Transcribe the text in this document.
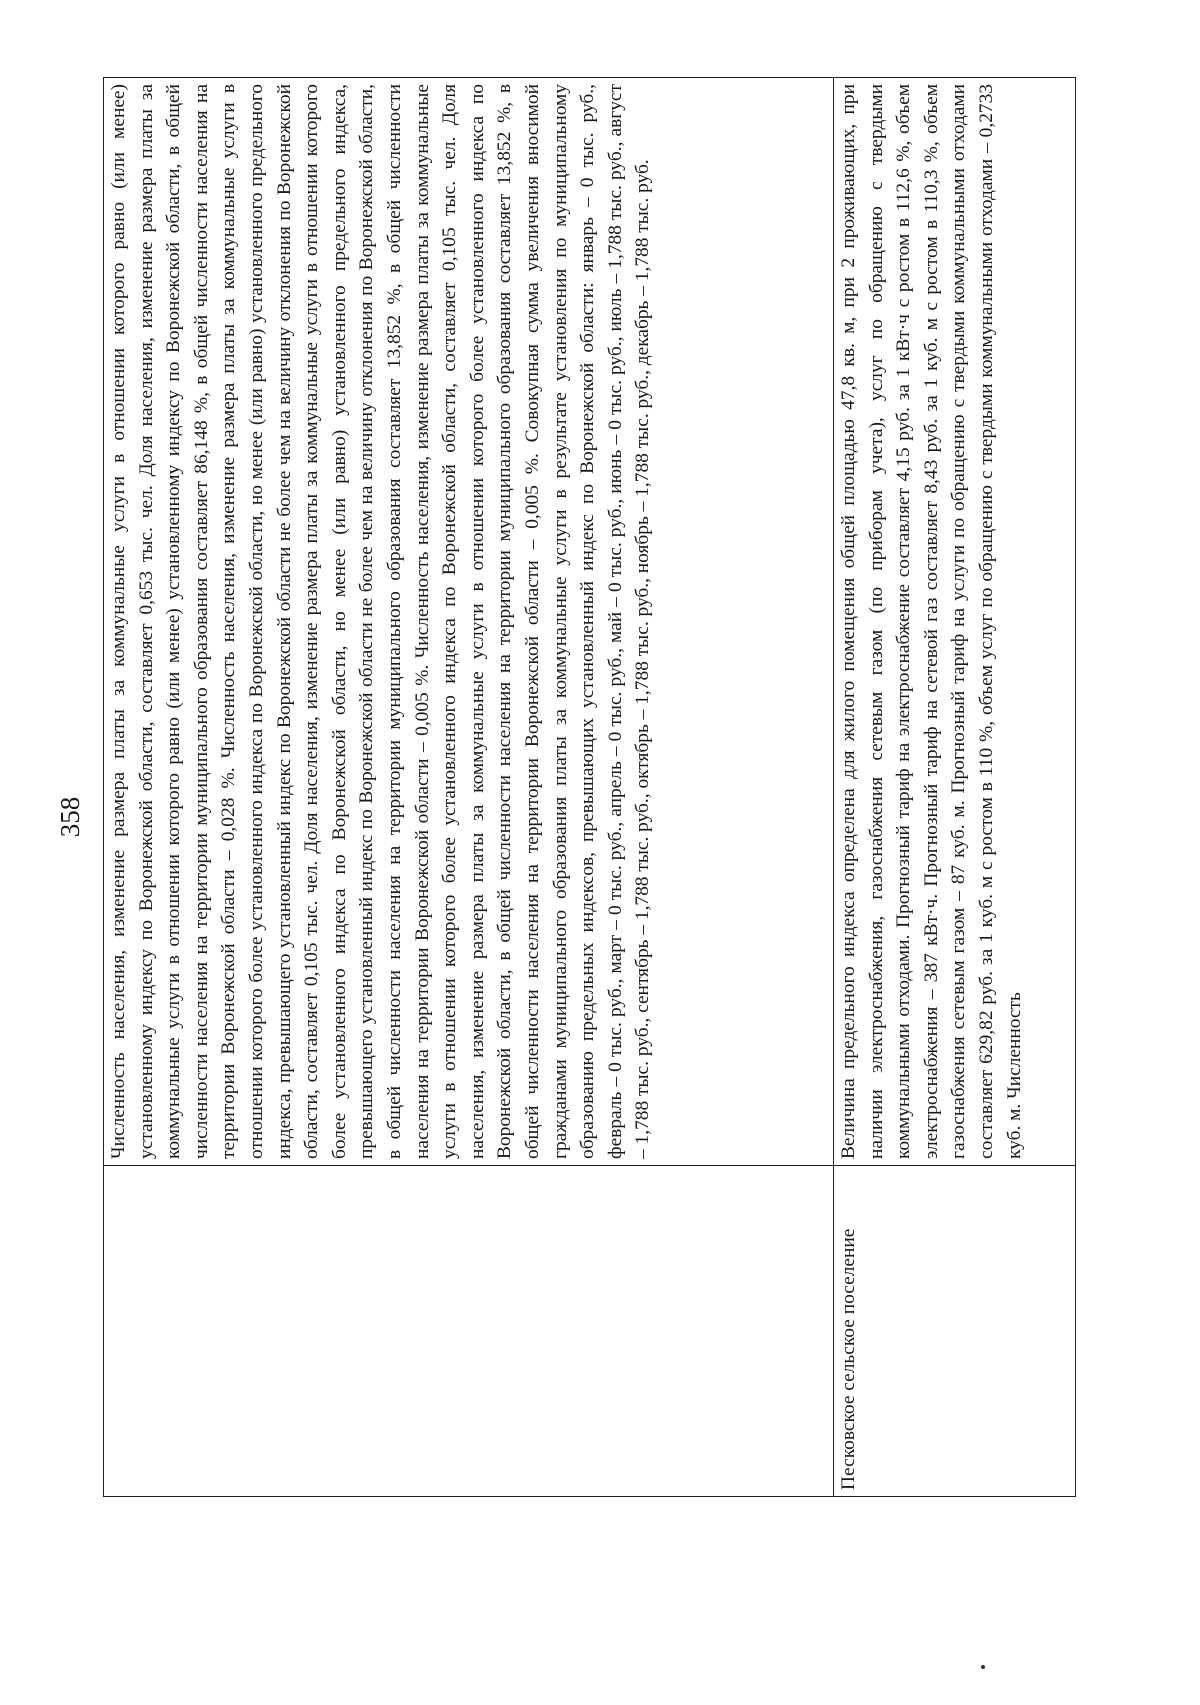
358

	Численность населения, изменение размера платы за коммунальные услуги в отношении которого равно (или менее) установленному индексу по Воронежской области, составляет 0,653 тыс. чел. Доля населения, изменение размера платы за коммунальные услуги в отношении которого равно (или менее) установленному индексу по Воронежской области, в общей численности населения на территории муниципального образования составляет 86,148 %, в общей численности населения на территории Воронежской области – 0,028 %. Численность населения, изменение размера платы за коммунальные услуги в отношении которого более установленного индекса по Воронежской области, но менее (или равно) установленного предельного индекса, превышающего установленный индекс по Воронежской области не более чем на величину отклонения по Воронежской области, составляет 0,105 тыс. чел. Доля населения, изменение размера платы за коммунальные услуги в отношении которого более установленного индекса по Воронежской области, но менее (или равно) установленного предельного индекса, превышающего установленный индекс по Воронежской области не более чем на величину отклонения по Воронежской области, в общей численности населения на территории муниципального образования составляет 13,852 %, в общей численности населения на территории Воронежской области – 0,005 %. Численность населения, изменение размера платы за коммунальные услуги в отношении которого более установленного индекса по Воронежской области, составляет 0,105 тыс. чел. Доля населения, изменение размера платы за коммунальные услуги в отношении которого более установленного индекса по Воронежской области, в общей численности населения на территории муниципального образования составляет 13,852 %, в общей численности населения на территории Воронежской области – 0,005 %. Совокупная сумма увеличения вносимой гражданами муниципального образования платы за коммунальные услуги в результате установления по муниципальному образованию предельных индексов, превышающих установленный индекс по Воронежской области: январь – 0 тыс. руб., февраль – 0 тыс. руб., март – 0 тыс. руб., апрель – 0 тыс. руб., май – 0 тыс. руб., июнь – 0 тыс. руб., июль – 1,788 тыс. руб., август – 1,788 тыс. руб., сентябрь – 1,788 тыс. руб., октябрь – 1,788 тыс. руб., ноябрь – 1,788 тыс. руб., декабрь – 1,788 тыс. руб.

Песковское сельское поселение	Величина предельного индекса определена для жилого помещения общей площадью 47,8 кв. м, при 2 проживающих, при наличии электроснабжения, газоснабжения сетевым газом (по приборам учета), услуг по обращению с твердыми коммунальными отходами. Прогнозный тариф на электроснабжение составляет 4,15 руб. за 1 кВт·ч с ростом в 112,6 %, объем электроснабжения – 387 кВт·ч. Прогнозный тариф на сетевой газ составляет 8,43 руб. за 1 куб. м с ростом в 110,3 %, объем газоснабжения сетевым газом – 87 куб. м. Прогнозный тариф на услуги по обращению с твердыми коммунальными отходами составляет 629,82 руб. за 1 куб. м с ростом в 110 %, объем услуг по обращению с твердыми коммунальными отходами – 0,2733 куб. м. Численность
